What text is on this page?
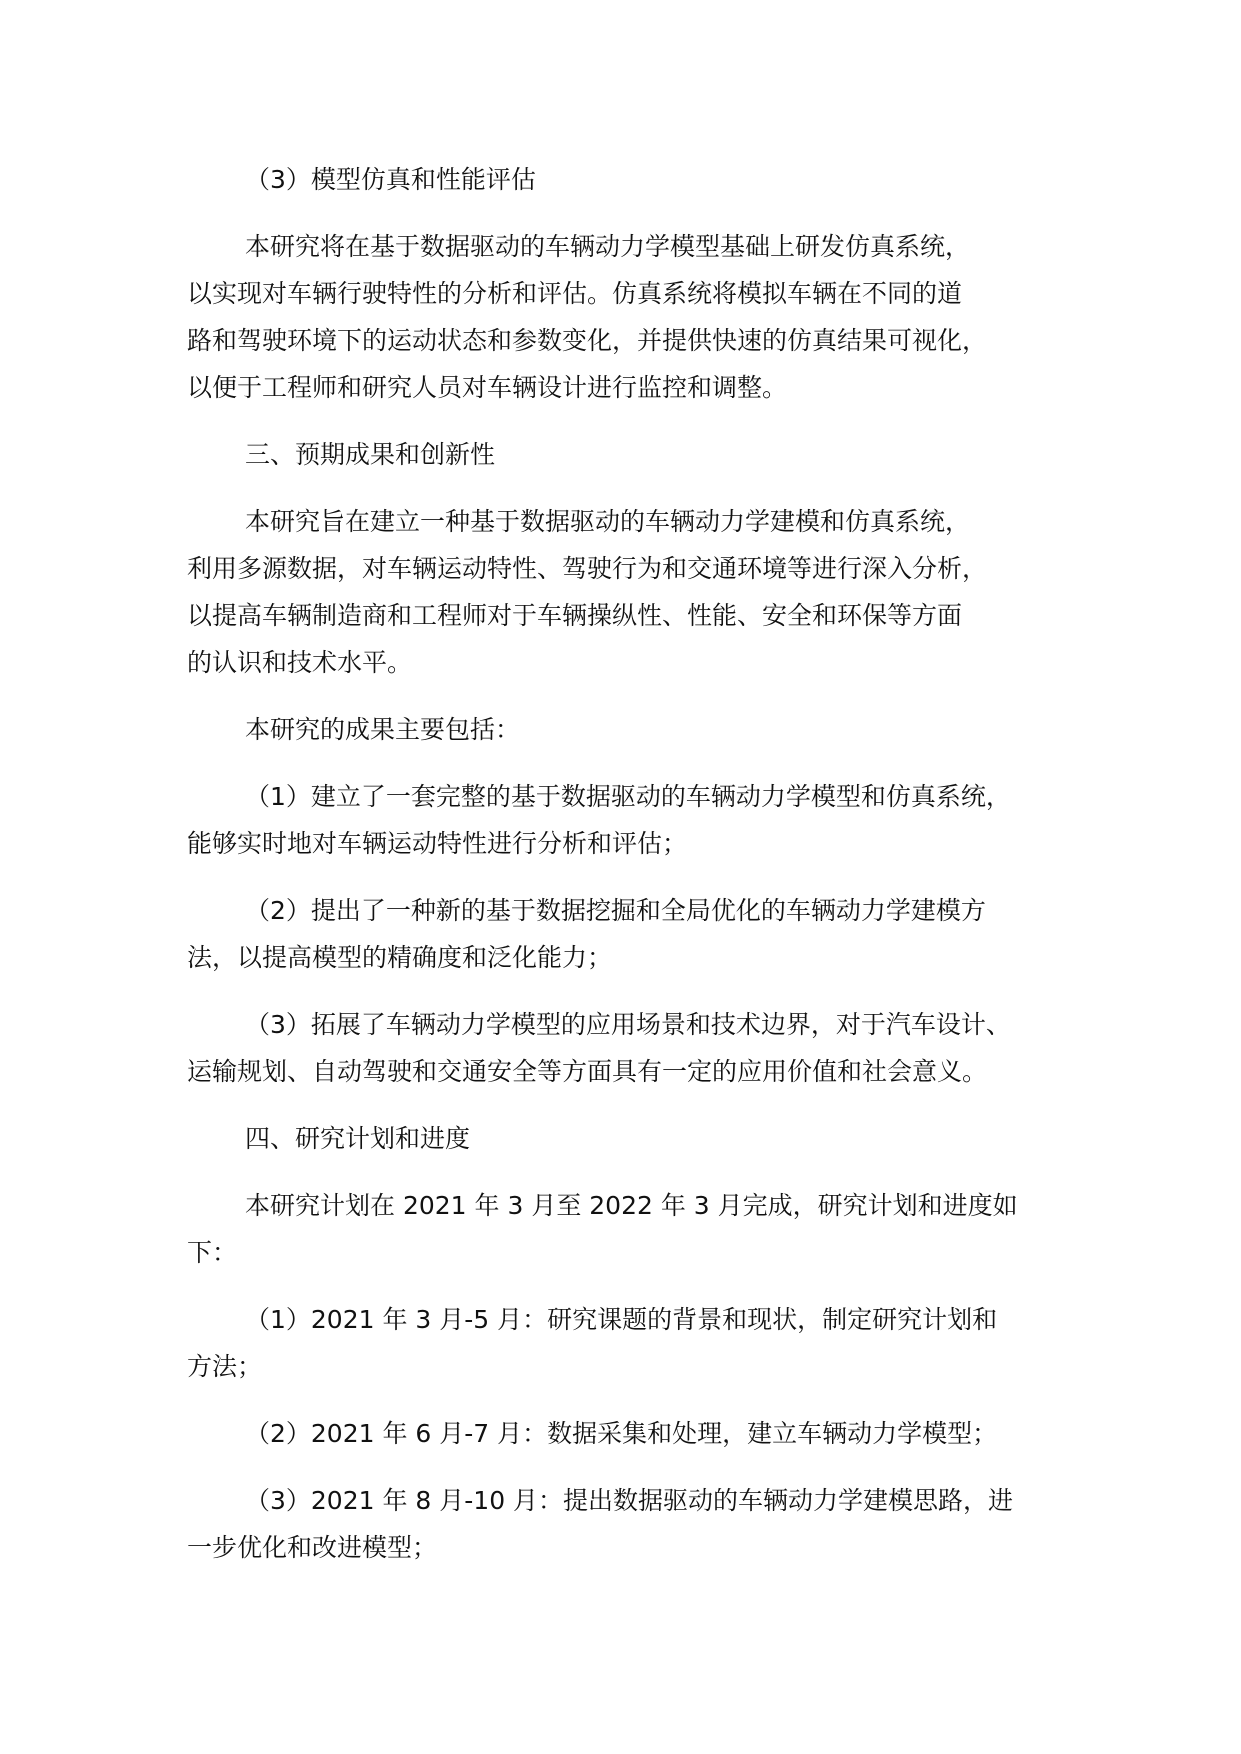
（3）模型仿真和性能评估

本研究将在基于数据驱动的车辆动力学模型基础上研发仿真系统，
以实现对车辆行驶特性的分析和评估。仿真系统将模拟车辆在不同的道
路和驾驶环境下的运动状态和参数变化，并提供快速的仿真结果可视化，
以便于工程师和研究人员对车辆设计进行监控和调整。

三、预期成果和创新性

本研究旨在建立一种基于数据驱动的车辆动力学建模和仿真系统，
利用多源数据，对车辆运动特性、驾驶行为和交通环境等进行深入分析，
以提高车辆制造商和工程师对于车辆操纵性、性能、安全和环保等方面
的认识和技术水平。

本研究的成果主要包括：

（1）建立了一套完整的基于数据驱动的车辆动力学模型和仿真系统，
能够实时地对车辆运动特性进行分析和评估；

（2）提出了一种新的基于数据挖掘和全局优化的车辆动力学建模方
法，以提高模型的精确度和泛化能力；

（3）拓展了车辆动力学模型的应用场景和技术边界，对于汽车设计、
运输规划、自动驾驶和交通安全等方面具有一定的应用价值和社会意义。

四、研究计划和进度

本研究计划在 2021 年 3 月至 2022 年 3 月完成，研究计划和进度如
下：

（1）2021 年 3 月-5 月：研究课题的背景和现状，制定研究计划和
方法；

（2）2021 年 6 月-7 月：数据采集和处理，建立车辆动力学模型；

（3）2021 年 8 月-10 月：提出数据驱动的车辆动力学建模思路，进
一步优化和改进模型；
